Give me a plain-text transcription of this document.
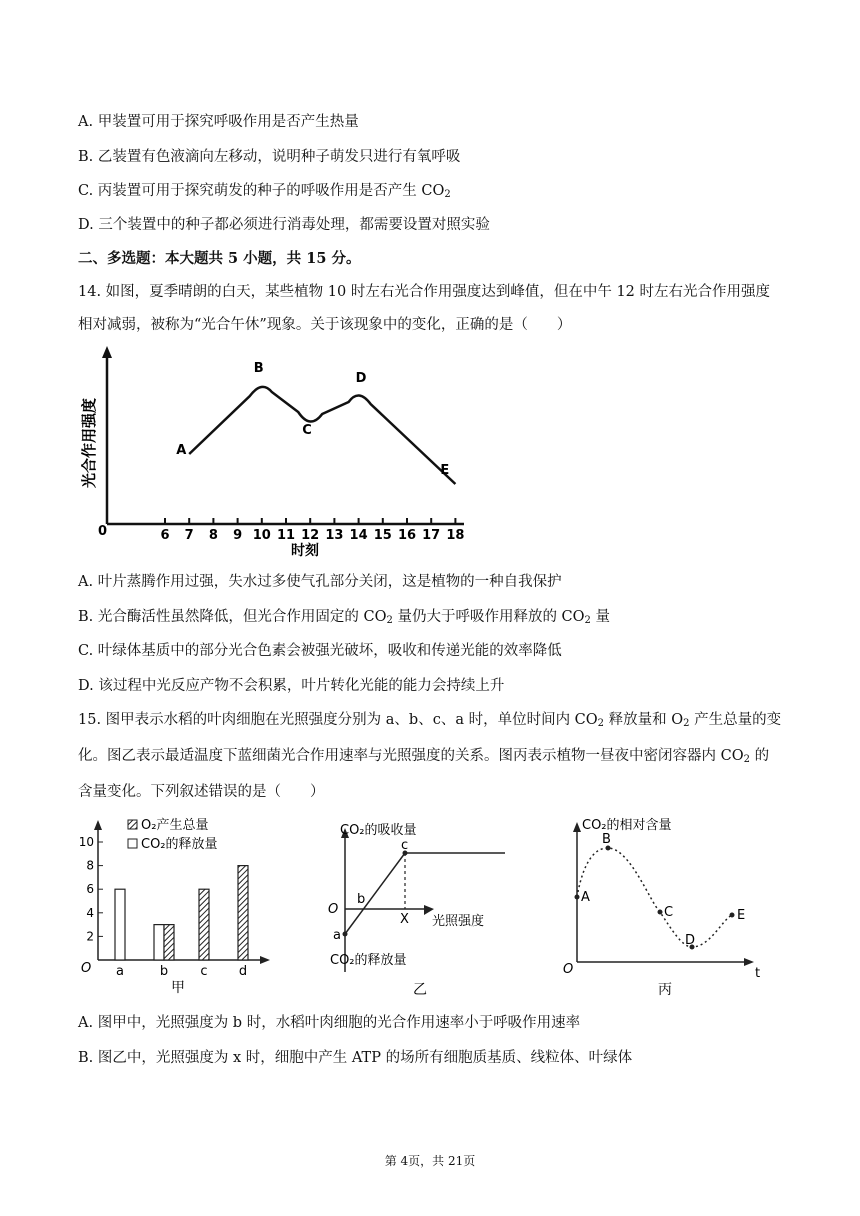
A. 甲装置可用于探究呼吸作用是否产生热量
B. 乙装置有色液滴向左移动，说明种子萌发只进行有氧呼吸
C. 丙装置可用于探究萌发的种子的呼吸作用是否产生 $CO_2$
D. 三个装置中的种子都必须进行消毒处理，都需要设置对照实验
二、多选题：本大题共 5 小题，共 15 分。
14. 如图，夏季晴朗的白天，某些植物 10 时左右光合作用强度达到峰值，但在中午 12 时左右光合作用强度相对减弱，被称为“光合午休”现象。关于该现象中的变化，正确的是（　　）
6 7 8 9 10 11 12 13 14 15 16 17 18
A
B
C
D
E
0
时刻
光合作用强度
A. 叶片蒸腾作用过强，失水过多使气孔部分关闭，这是植物的一种自我保护
B. 光合酶活性虽然降低，但光合作用固定的 $CO_2$ 量仍大于呼吸作用释放的 $CO_2$ 量
C. 叶绿体基质中的部分光合色素会被强光破坏，吸收和传递光能的效率降低
D. 该过程中光反应产物不会积累，叶片转化光能的能力会持续上升
15. 图甲表示水稻的叶肉细胞在光照强度分别为 a、b、c、a 时，单位时间内 $CO_2$ 释放量和 $O_2$ 产生总量的变化。图乙表示最适温度下蓝细菌光合作用速率与光照强度的关系。图丙表示植物一昼夜中密闭容器内 $CO_2$ 的含量变化。下列叙述错误的是（　　）
2
4
6
8
10
a	b c d
O₂产生总量
CO₂的释放量
O
甲
CO₂的吸收量
CO₂的释放量
光照强度
O
a
b
c
X
乙
CO₂的相对含量
A
B
C
D
E
O	t
丙
A. 图甲中，光照强度为 b 时，水稻叶肉细胞的光合作用速率小于呼吸作用速率
B. 图乙中，光照强度为 x 时，细胞中产生 ATP 的场所有细胞质基质、线粒体、叶绿体
第 4页，共 21页
